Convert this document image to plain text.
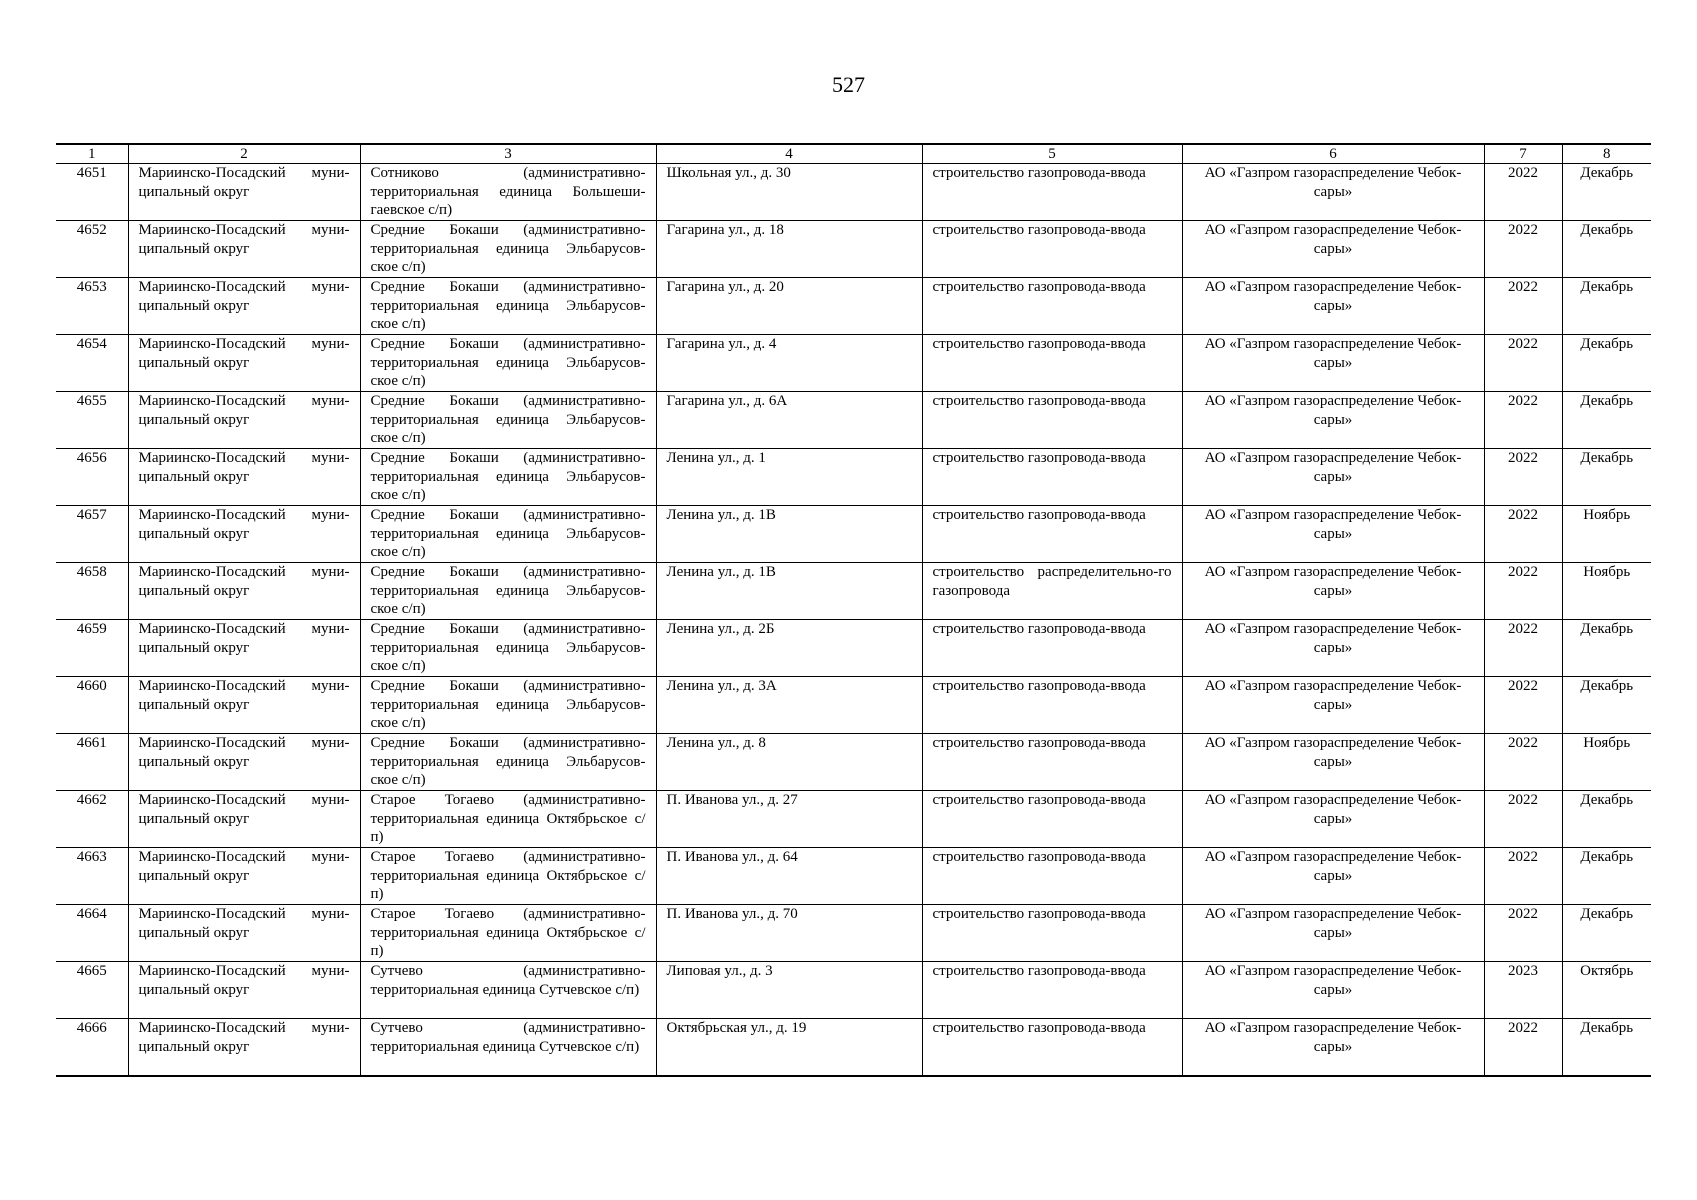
527
1	2	3	4	5	6	7	8
4651	Мариинско-Посадский муни-ципальный округ	Сотниково (административно-территориальная единица Большеши-гаевское с/п)	Школьная ул., д. 30	строительство газопровода-ввода	АО «Газпром газораспределение Чебок-сары»	2022	Декабрь
4652	Мариинско-Посадский муни-ципальный округ	Средние Бокаши (административно-территориальная единица Эльбарусов-ское с/п)	Гагарина ул., д. 18	строительство газопровода-ввода	АО «Газпром газораспределение Чебок-сары»	2022	Декабрь
4653	Мариинско-Посадский муни-ципальный округ	Средние Бокаши (административно-территориальная единица Эльбарусов-ское с/п)	Гагарина ул., д. 20	строительство газопровода-ввода	АО «Газпром газораспределение Чебок-сары»	2022	Декабрь
4654	Мариинско-Посадский муни-ципальный округ	Средние Бокаши (административно-территориальная единица Эльбарусов-ское с/п)	Гагарина ул., д. 4	строительство газопровода-ввода	АО «Газпром газораспределение Чебок-сары»	2022	Декабрь
4655	Мариинско-Посадский муни-ципальный округ	Средние Бокаши (административно-территориальная единица Эльбарусов-ское с/п)	Гагарина ул., д. 6А	строительство газопровода-ввода	АО «Газпром газораспределение Чебок-сары»	2022	Декабрь
4656	Мариинско-Посадский муни-ципальный округ	Средние Бокаши (административно-территориальная единица Эльбарусов-ское с/п)	Ленина ул., д. 1	строительство газопровода-ввода	АО «Газпром газораспределение Чебок-сары»	2022	Декабрь
4657	Мариинско-Посадский муни-ципальный округ	Средние Бокаши (административно-территориальная единица Эльбарусов-ское с/п)	Ленина ул., д. 1В	строительство газопровода-ввода	АО «Газпром газораспределение Чебок-сары»	2022	Ноябрь
4658	Мариинско-Посадский муни-ципальный округ	Средние Бокаши (административно-территориальная единица Эльбарусов-ское с/п)	Ленина ул., д. 1В	строительство распределительно-го газопровода	АО «Газпром газораспределение Чебок-сары»	2022	Ноябрь
4659	Мариинско-Посадский муни-ципальный округ	Средние Бокаши (административно-территориальная единица Эльбарусов-ское с/п)	Ленина ул., д. 2Б	строительство газопровода-ввода	АО «Газпром газораспределение Чебок-сары»	2022	Декабрь
4660	Мариинско-Посадский муни-ципальный округ	Средние Бокаши (административно-территориальная единица Эльбарусов-ское с/п)	Ленина ул., д. 3А	строительство газопровода-ввода	АО «Газпром газораспределение Чебок-сары»	2022	Декабрь
4661	Мариинско-Посадский муни-ципальный округ	Средние Бокаши (административно-территориальная единица Эльбарусов-ское с/п)	Ленина ул., д. 8	строительство газопровода-ввода	АО «Газпром газораспределение Чебок-сары»	2022	Ноябрь
4662	Мариинско-Посадский муни-ципальный округ	Старое Тогаево (административно-территориальная единица Октябрьское с/п)	П. Иванова ул., д. 27	строительство газопровода-ввода	АО «Газпром газораспределение Чебок-сары»	2022	Декабрь
4663	Мариинско-Посадский муни-ципальный округ	Старое Тогаево (административно-территориальная единица Октябрьское с/п)	П. Иванова ул., д. 64	строительство газопровода-ввода	АО «Газпром газораспределение Чебок-сары»	2022	Декабрь
4664	Мариинско-Посадский муни-ципальный округ	Старое Тогаево (административно-территориальная единица Октябрьское с/п)	П. Иванова ул., д. 70	строительство газопровода-ввода	АО «Газпром газораспределение Чебок-сары»	2022	Декабрь
4665	Мариинско-Посадский муни-ципальный округ	Сутчево (административно-территориальная единица Сутчевское с/п)	Липовая ул., д. 3	строительство газопровода-ввода	АО «Газпром газораспределение Чебок-сары»	2023	Октябрь
4666	Мариинско-Посадский муни-ципальный округ	Сутчево (административно-территориальная единица Сутчевское с/п)	Октябрьская ул., д. 19	строительство газопровода-ввода	АО «Газпром газораспределение Чебок-сары»	2022	Декабрь
